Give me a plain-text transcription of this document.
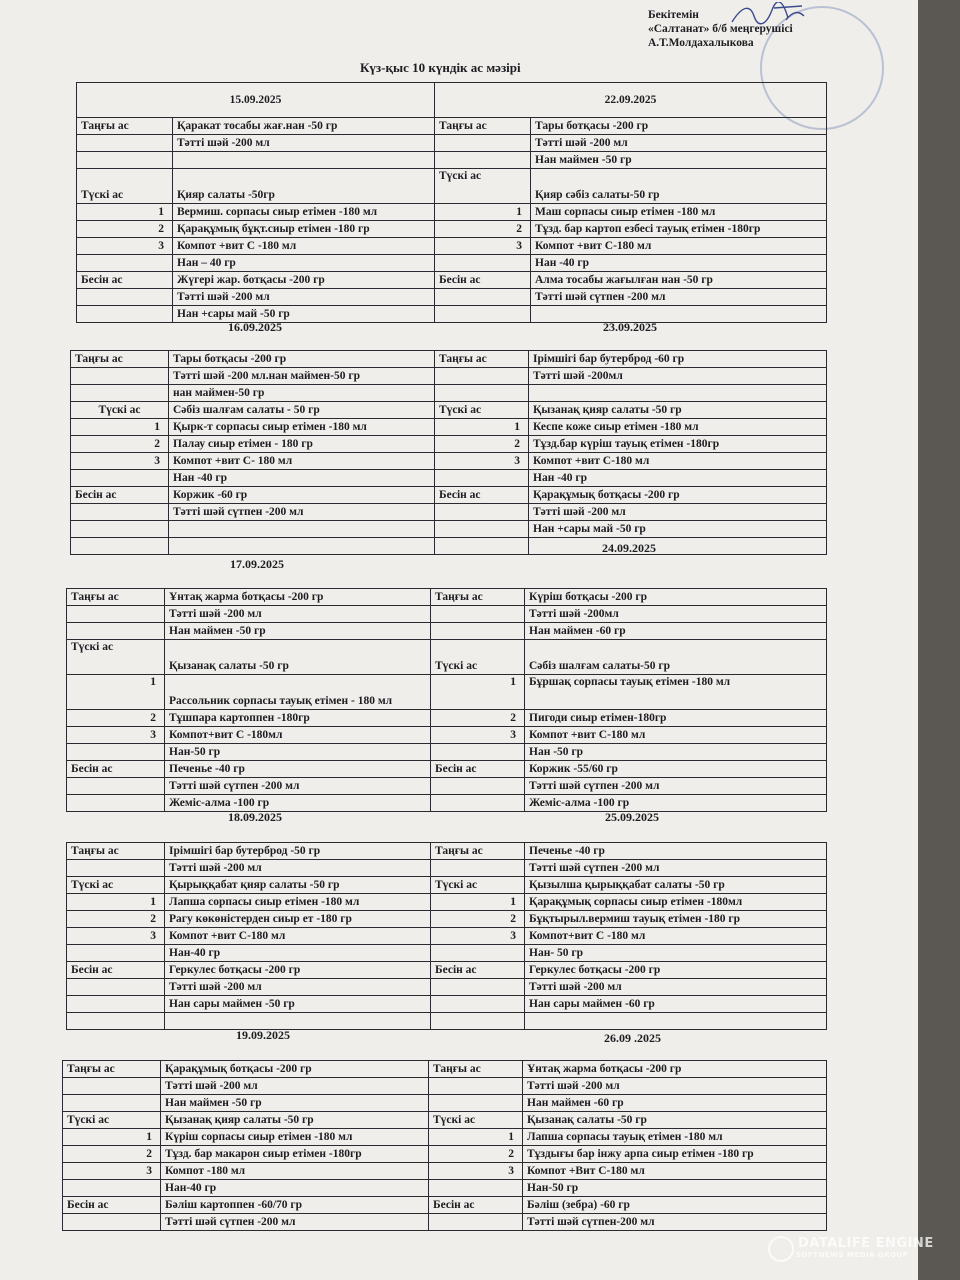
Бекітемін
«Салтанат» б/б меңгерушісі
А.Т.Молдахалыкова
Күз-қыс 10 күндік ас мәзірі
15.09.2025		22.09.2025	
Таңғы ас	Қаракат тосабы жағ.нан -50 гр	Таңғы ас	Тары ботқасы -200 гр
	Тәтті шәй -200 мл		Тәтті шәй -200 мл
			Нан маймен -50 гр
Түскі ас	Қияр салаты -50гр	Түскі ас	Қияр сәбіз салаты-50 гр
1	Вермиш. сорпасы сиыр етімен -180 мл	1	Маш сорпасы сиыр етімен -180 мл
2	Қарақұмық бұқт.сиыр етімен -180 гр	2	Тұзд. бар картоп езбесі тауық етімен -180гр
3	Компот +вит С -180 мл	3	Компот +вит С-180 мл
	Нан – 40 гр		Нан -40 гр
Бесін ас	Жүгері жар. ботқасы -200 гр	Бесін ас	Алма тосабы жағылған нан -50 гр
	Тәтті шәй -200 мл		Тәтті шәй сүтпен -200 мл
	Нан +сары май -50 гр		
16.09.2025	23.09.2025
Таңғы ас	Тары ботқасы -200 гр	Таңғы ас	Ірімшігі бар бутерброд -60 гр
	Тәтті шәй -200 мл.нан маймен-50 гр		Тәтті шәй -200мл
	нан маймен-50 гр		
Түскі ас	Сәбіз шалғам салаты - 50 гр	Түскі ас	Қызанақ қияр салаты -50 гр
1	Қырк-т сорпасы сиыр етімен -180 мл	1	Кеспе коже сиыр етімен -180 мл
2	Палау сиыр етімен - 180 гр	2	Тұзд.бар күріш тауық етімен -180гр
3	Компот +вит С- 180 мл	3	Компот +вит С-180 мл
	Нан -40 гр		Нан -40 гр
Бесін ас	Коржик -60 гр	Бесін ас	Қарақұмық ботқасы -200 гр
	Тәтті шәй сүтпен -200 мл		Тәтті шәй -200 мл
			Нан +сары май -50 гр

24.09.2025
17.09.2025
Таңғы ас	Ұнтақ жарма ботқасы -200 гр	Таңғы ас	Күріш ботқасы -200 гр
	Тәтті шәй -200 мл		Тәтті шәй -200мл
	Нан маймен -50 гр		Нан маймен -60 гр
Түскі ас	Қызанақ салаты -50 гр	Түскі ас	Сәбіз шалғам салаты-50 гр
1	Рассольник сорпасы тауық етімен - 180 мл	1	Бұршақ сорпасы тауық етімен -180 мл
2	Тұшпара картоппен -180гр	2	Пигоди сиыр етімен-180гр
3	Компот+вит С -180мл	3	Компот +вит С-180 мл
	Нан-50 гр		Нан -50 гр
Бесін ас	Печенье -40 гр	Бесін ас	Коржик -55/60 гр
	Тәтті шәй сүтпен -200 мл		Тәтті шәй сүтпен -200 мл
	Жеміс-алма -100 гр		Жеміс-алма -100 гр
18.09.2025	25.09.2025
Таңғы ас	Ірімшігі бар бутерброд -50 гр	Таңғы ас	Печенье -40 гр
	Тәтті шәй -200 мл		Тәтті шәй сүтпен -200 мл
Түскі ас	Қырыққабат қияр салаты -50 гр	Түскі ас	Қызылша қырыққабат салаты -50 гр
1	Лапша сорпасы сиыр етімен -180 мл	1	Қарақұмық сорпасы сиыр етімен -180мл
2	Рагу көкөністерден сиыр ет -180 гр	2	Бұқтырыл.вермиш тауық етімен -180 гр
3	Компот +вит С-180 мл	3	Компот+вит С -180 мл
	Нан-40 гр		Нан- 50 гр
Бесін ас	Геркулес ботқасы -200 гр	Бесін ас	Геркулес ботқасы -200 гр
	Тәтті шәй -200 мл		Тәтті шәй -200 мл
	Нан сары маймен -50 гр		Нан сары маймен -60 гр

19.09.2025	26.09 .2025
Таңғы ас	Қарақұмық ботқасы -200 гр	Таңғы ас	Ұнтақ жарма ботқасы -200 гр
	Тәтті шәй -200 мл		Тәтті шәй -200 мл
	Нан маймен -50 гр		Нан маймен -60 гр
Түскі ас	Қызанақ қияр салаты -50 гр	Түскі ас	Қызанақ салаты -50 гр
1	Күріш сорпасы сиыр етімен -180 мл	1	Лапша сорпасы тауық етімен -180 мл
2	Тұзд. бар макарон сиыр етімен -180гр	2	Тұздығы бар інжу арпа сиыр етімен -180 гр
3	Компот -180 мл	3	Компот +Вит С-180 мл
	Нан-40 гр		Нан-50 гр
Бесін ас	Бәліш картоппен -60/70 гр	Бесін ас	Бәліш (зебра) -60 гр
	Тәтті шәй сүтпен -200 мл		Тәтті шәй сүтпен-200 мл
DATALIFE ENGINE
SOFTNEWS MEDIA GROUP
